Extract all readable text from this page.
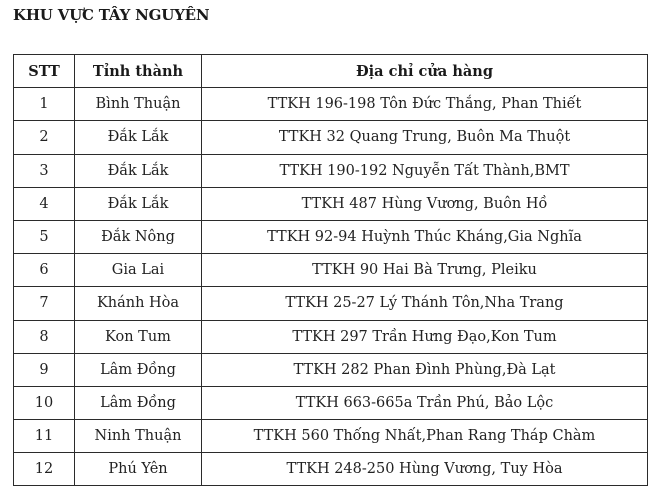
KHU VỰC TÂY NGUYÊN
STT	Tỉnh thành	Địa chỉ cửa hàng
1	Bình Thuận	TTKH 196-198 Tôn Đức Thắng, Phan Thiết
2	Đắk Lắk	TTKH 32 Quang Trung, Buôn Ma Thuột
3	Đắk Lắk	TTKH 190-192 Nguyễn Tất Thành,BMT
4	Đắk Lắk	TTKH 487 Hùng Vương, Buôn Hồ
5	Đắk Nông	TTKH 92-94 Huỳnh Thúc Kháng,Gia Nghĩa
6	Gia Lai	TTKH 90 Hai Bà Trưng, Pleiku
7	Khánh Hòa	TTKH 25-27 Lý Thánh Tôn,Nha Trang
8	Kon Tum	TTKH 297 Trần Hưng Đạo,Kon Tum
9	Lâm Đồng	TTKH 282 Phan Đình Phùng,Đà Lạt
10	Lâm Đồng	TTKH 663-665a Trần Phú, Bảo Lộc
11	Ninh Thuận	TTKH 560 Thống Nhất,Phan Rang Tháp Chàm
12	Phú Yên	TTKH 248-250 Hùng Vương, Tuy Hòa
